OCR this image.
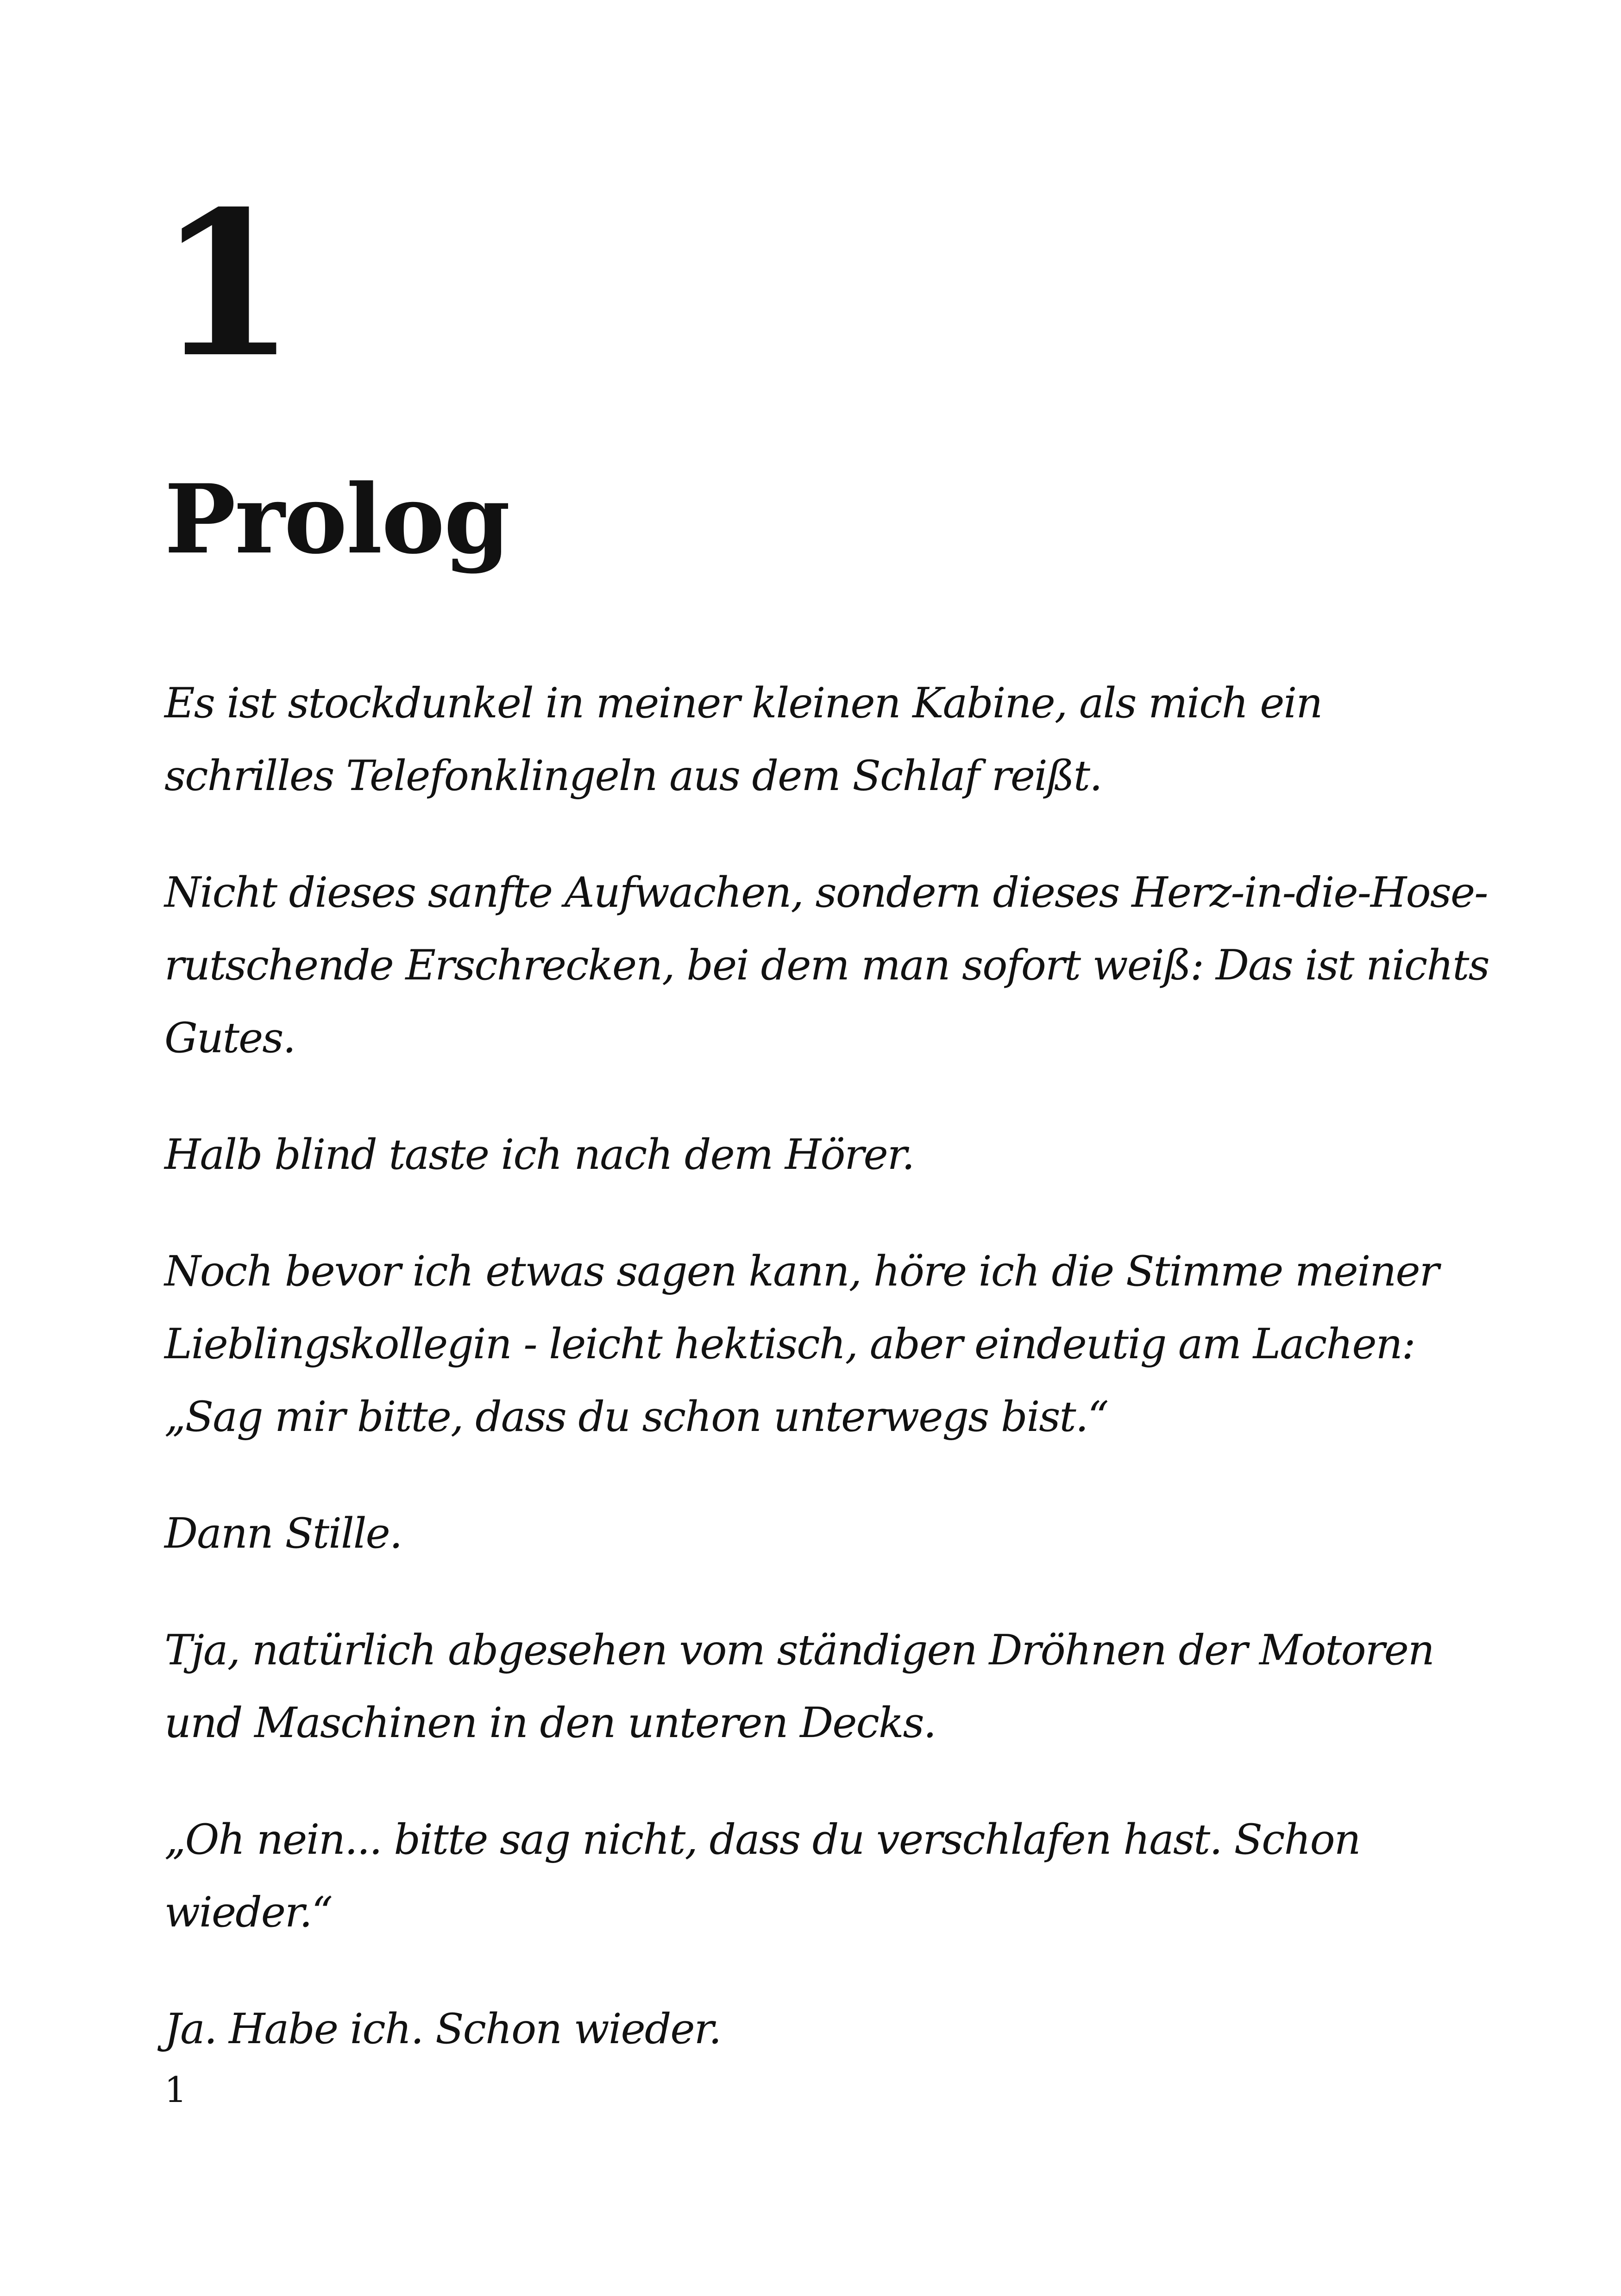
1
Prolog

Es ist stockdunkel in meiner kleinen Kabine, als mich ein
schrilles Telefonklingeln aus dem Schlaf reißt.

Nicht dieses sanfte Aufwachen, sondern dieses Herz-in-die-Hose-
rutschende Erschrecken, bei dem man sofort weiß: Das ist nichts
Gutes.

Halb blind taste ich nach dem Hörer.

Noch bevor ich etwas sagen kann, höre ich die Stimme meiner
Lieblingskollegin - leicht hektisch, aber eindeutig am Lachen:
„Sag mir bitte, dass du schon unterwegs bist.“

Dann Stille.

Tja, natürlich abgesehen vom ständigen Dröhnen der Motoren
und Maschinen in den unteren Decks.

„Oh nein... bitte sag nicht, dass du verschlafen hast. Schon
wieder.“

Ja. Habe ich. Schon wieder.

1
